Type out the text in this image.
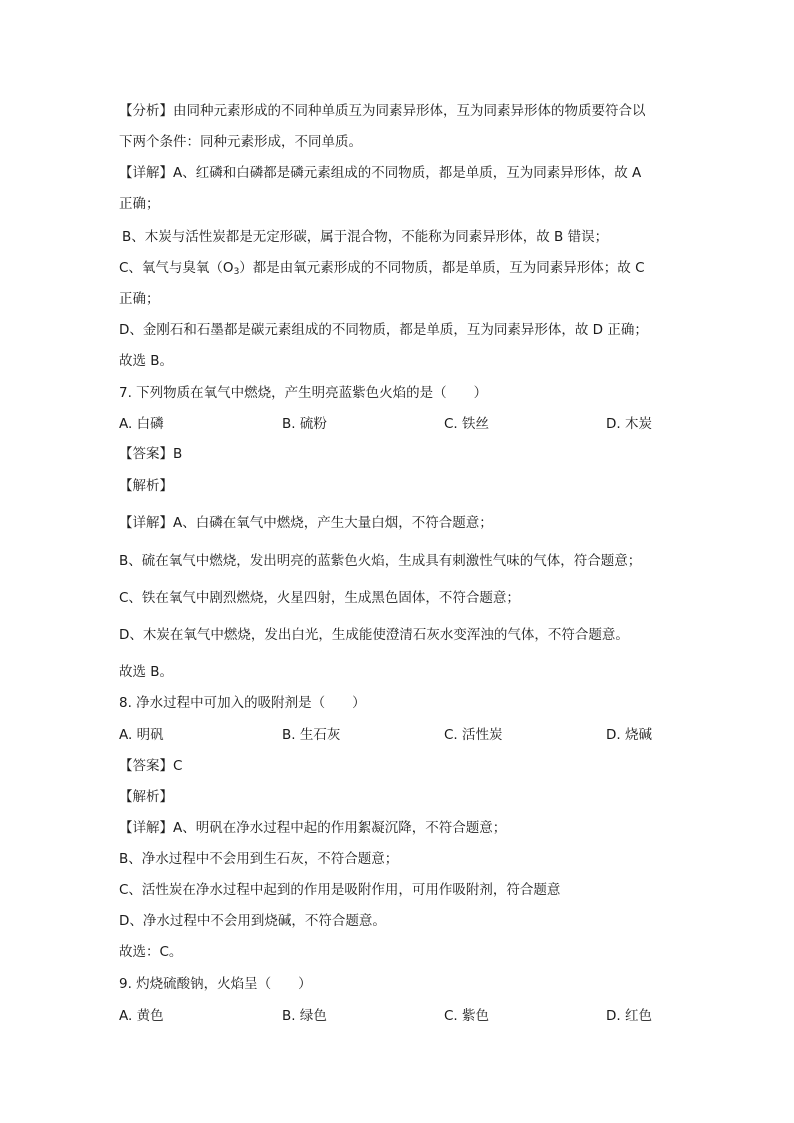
【分析】由同种元素形成的不同种单质互为同素异形体，互为同素异形体的物质要符合以
下两个条件：同种元素形成，不同单质。
【详解】A、红磷和白磷都是磷元素组成的不同物质，都是单质，互为同素异形体，故 A
正确；
B、木炭与活性炭都是无定形碳，属于混合物，不能称为同素异形体，故 B 错误；
C、氧气与臭氧$(O_3)$都是由氧元素形成的不同物质，都是单质，互为同素异形体；故 C
正确；
D、金刚石和石墨都是碳元素组成的不同物质，都是单质，互为同素异形体，故 D 正确；
故选 B。
7. 下列物质在氧气中燃烧，产生明亮蓝紫色火焰的是（　　）
A. 白磷	B. 硫粉	C. 铁丝	D. 木炭
【答案】B
【解析】
【详解】A、白磷在氧气中燃烧，产生大量白烟，不符合题意；
B、硫在氧气中燃烧，发出明亮的蓝紫色火焰，生成具有刺激性气味的气体，符合题意；
C、铁在氧气中剧烈燃烧，火星四射，生成黑色固体，不符合题意；
D、木炭在氧气中燃烧，发出白光，生成能使澄清石灰水变浑浊的气体，不符合题意。
故选 B。
8. 净水过程中可加入的吸附剂是（　　）
A. 明矾	B. 生石灰	C. 活性炭	D. 烧碱
【答案】C
【解析】
【详解】A、明矾在净水过程中起的作用絮凝沉降，不符合题意；
B、净水过程中不会用到生石灰，不符合题意；
C、活性炭在净水过程中起到的作用是吸附作用，可用作吸附剂，符合题意
D、净水过程中不会用到烧碱，不符合题意。
故选：C。
9. 灼烧硫酸钠，火焰呈（　　）
A. 黄色	B. 绿色	C. 紫色	D. 红色
